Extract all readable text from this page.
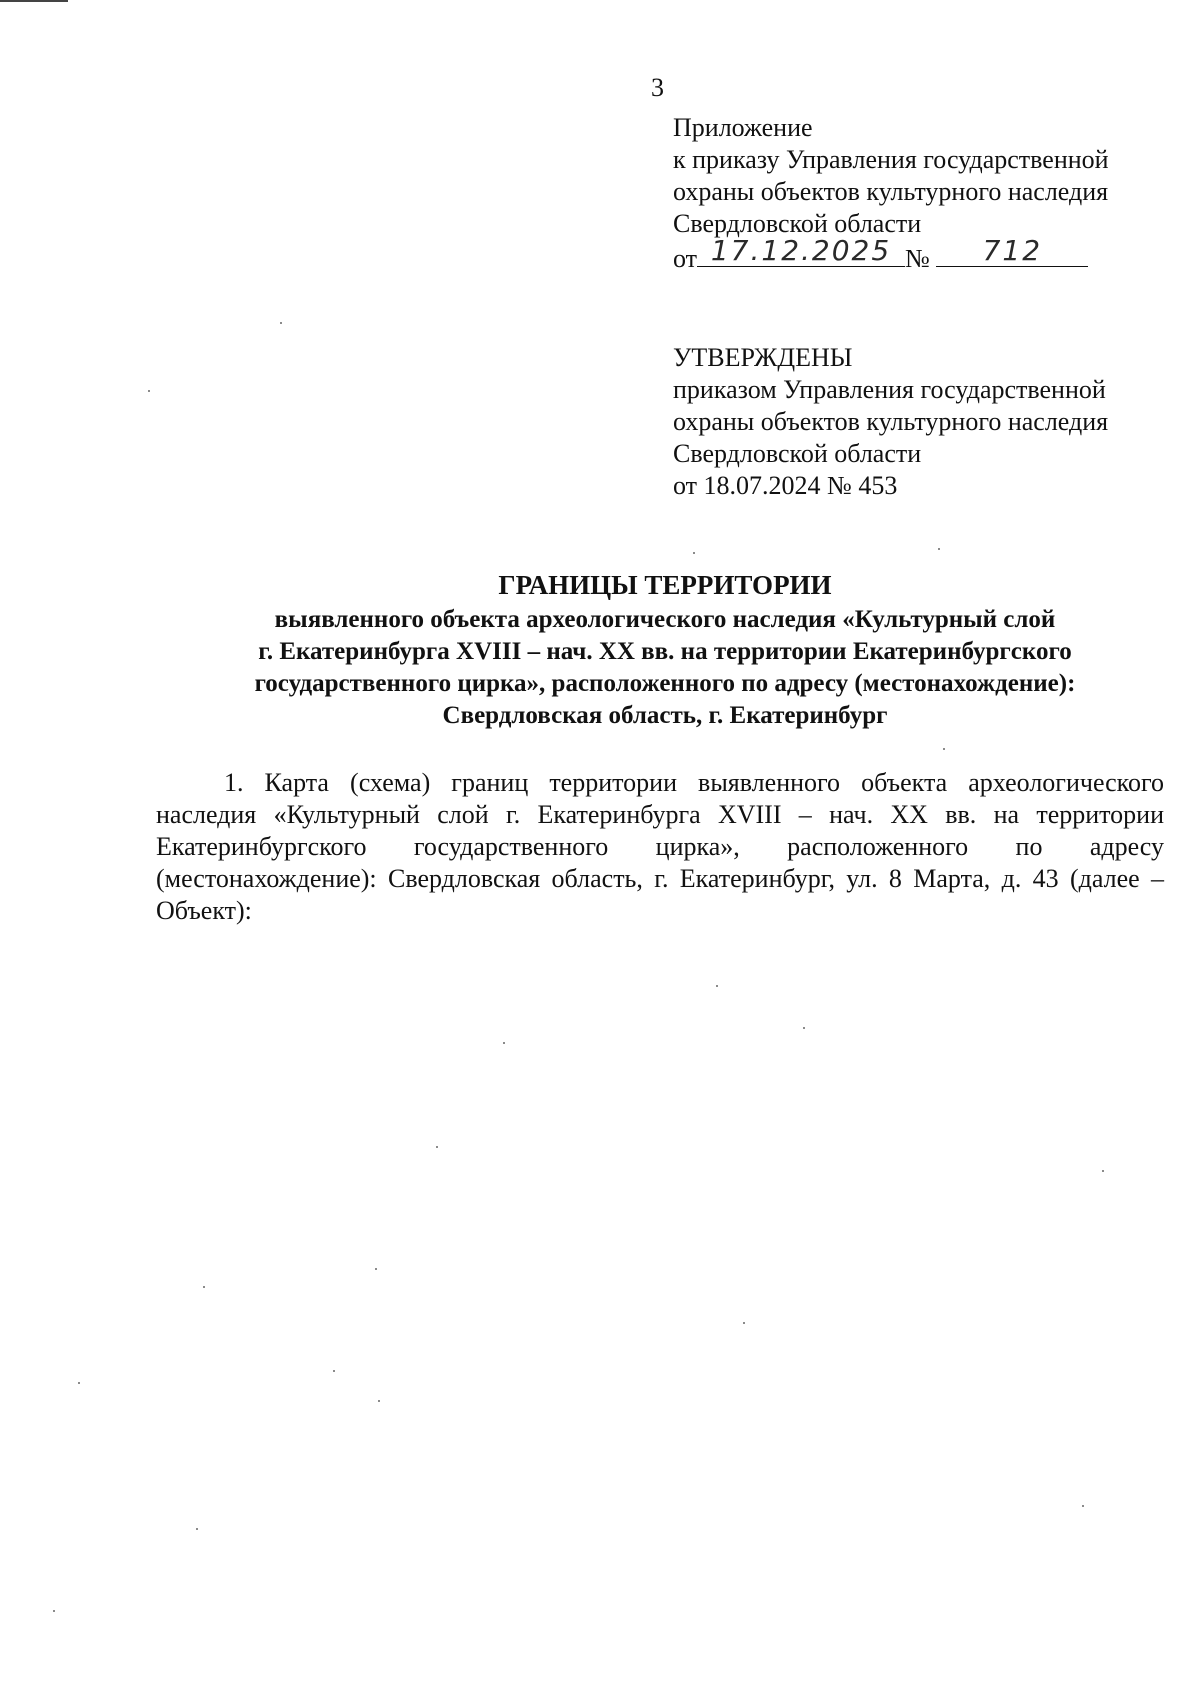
3
Приложение
к приказу Управления государственной
охраны объектов культурного наследия
Свердловской области
от 17.12.2025 №	712
УТВЕРЖДЕНЫ
приказом Управления государственной
охраны объектов культурного наследия
Свердловской области
от 18.07.2024 № 453
ГРАНИЦЫ ТЕРРИТОРИИ
выявленного объекта археологического наследия «Культурный слой
г. Екатеринбурга XVIII – нач. XX вв. на территории Екатеринбургского
государственного цирка», расположенного по адресу (местонахождение):
Свердловская область, г. Екатеринбург
1. Карта (схема) границ территории выявленного объекта археологического наследия «Культурный слой г. Екатеринбурга XVIII – нач. XX вв. на территории Екатеринбургского государственного цирка», расположенного по адресу (местонахождение): Свердловская область, г. Екатеринбург, ул. 8 Марта, д. 43 (далее – Объект):
